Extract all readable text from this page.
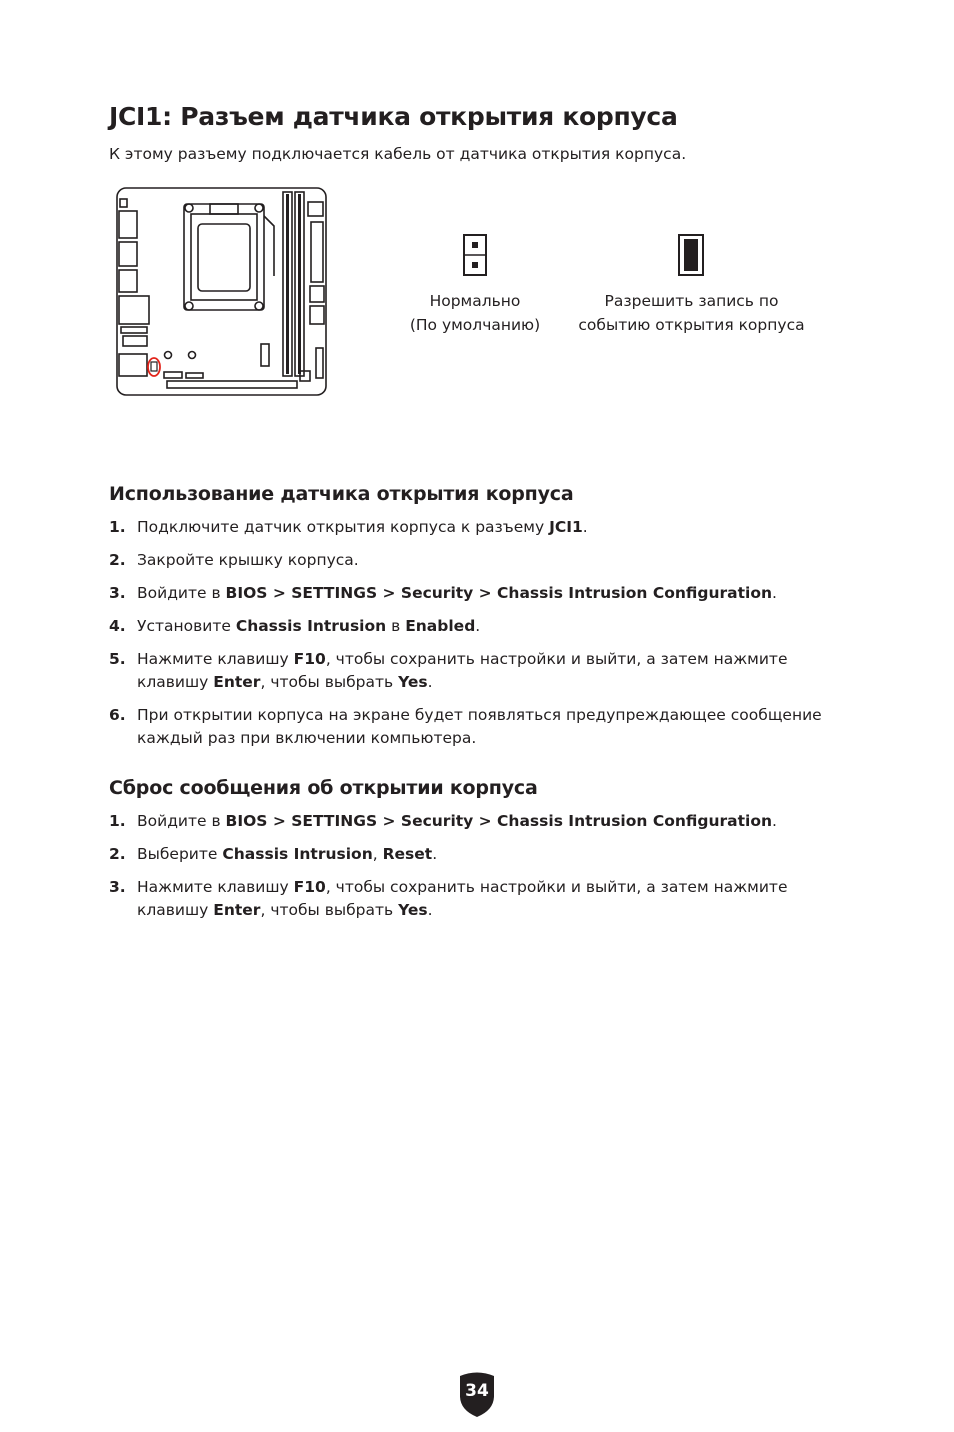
JCI1: Разъем датчика открытия корпуса

К этому разъему подключается кабель от датчика открытия корпуса.

Нормально
(По умолчанию)
Разрешить запись по
событию открытия корпуса
Использование датчика открытия корпуса
1. Подключите датчик открытия корпуса к разъему JCI1.
2. Закройте крышку корпуса.
3. Войдите в BIOS > SETTINGS > Security > Chassis Intrusion Configuration.
4. Установите Chassis Intrusion в Enabled.
5. Нажмите клавишу F10, чтобы сохранить настройки и выйти, а затем нажмите клавишу Enter, чтобы выбрать Yes.
6. При открытии корпуса на экране будет появляться предупреждающее сообщение каждый раз при включении компьютера.
Сброс сообщения об открытии корпуса
1. Войдите в BIOS > SETTINGS > Security > Chassis Intrusion Configuration.
2. Выберите Chassis Intrusion, Reset.
3. Нажмите клавишу F10, чтобы сохранить настройки и выйти, а затем нажмите клавишу Enter, чтобы выбрать Yes.
34
